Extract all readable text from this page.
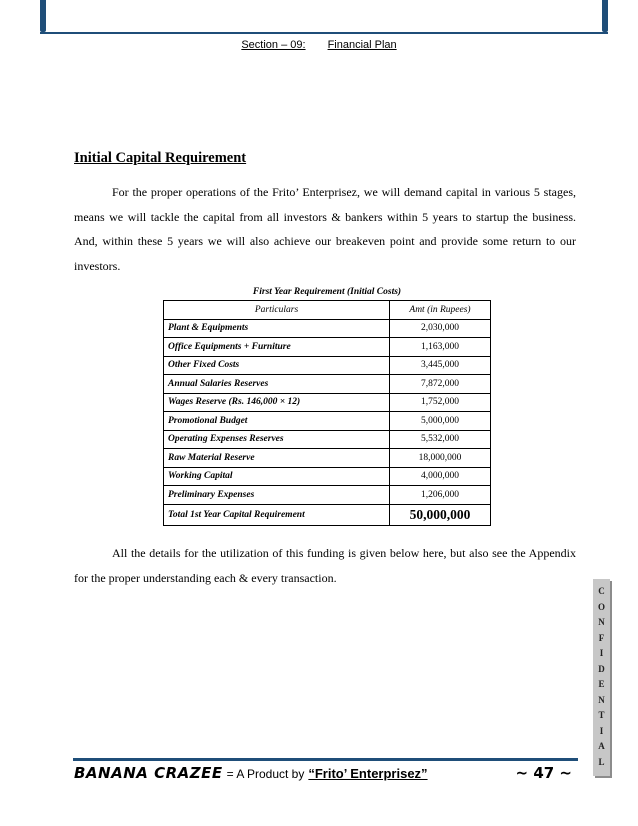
Section – 09: Financial Plan
Initial Capital Requirement
For the proper operations of the Frito’ Enterprisez, we will demand capital in various 5 stages, means we will tackle the capital from all investors & bankers within 5 years to startup the business. And, within these 5 years we will also achieve our breakeven point and provide some return to our investors.
First Year Requirement (Initial Costs)	
Particulars	Amt (in Rupees)
Plant & Equipments	2,030,000
Office Equipments + Furniture	1,163,000
Other Fixed Costs	3,445,000
Annual Salaries Reserves	7,872,000
Wages Reserve (Rs. 146,000 × 12)	1,752,000
Promotional Budget	5,000,000
Operating Expenses Reserves	5,532,000
Raw Material Reserve	18,000,000
Working Capital	4,000,000
Preliminary Expenses	1,206,000
Total 1st Year Capital Requirement	50,000,000
All the details for the utilization of this funding is given below here, but also see the Appendix for the proper understanding each & every transaction.
C
O
N
F
I
D
E
N
T
I
A
L
BANANA CRAZEE = A Product by “Frito’ Enterprisez”	~ 47 ~
